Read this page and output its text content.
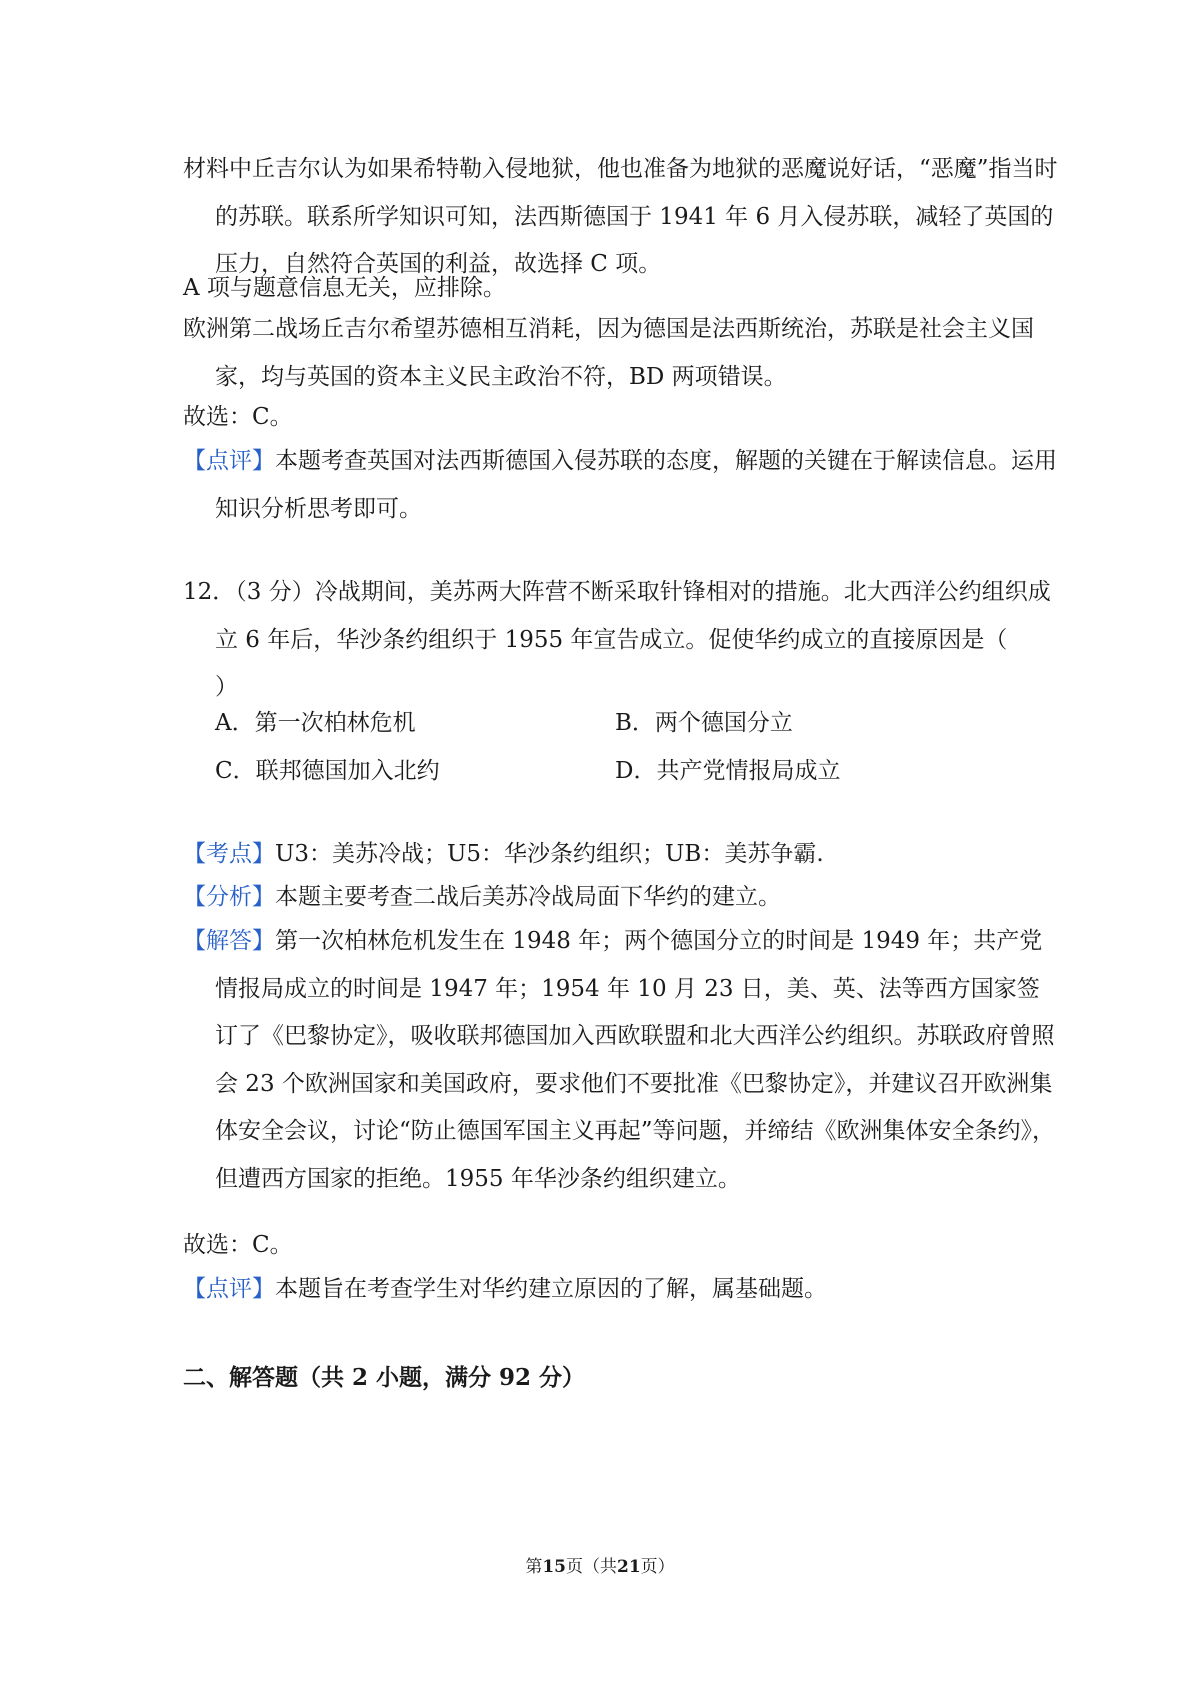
材料中丘吉尔认为如果希特勒入侵地狱，他也准备为地狱的恶魔说好话，“恶魔”指当时的苏联。联系所学知识可知，法西斯德国于 1941 年 6 月入侵苏联，减轻了英国的压力，自然符合英国的利益，故选择 C 项。
A 项与题意信息无关，应排除。
欧洲第二战场丘吉尔希望苏德相互消耗，因为德国是法西斯统治，苏联是社会主义国家，均与英国的资本主义民主政治不符，BD 两项错误。
故选：C。
【点评】本题考查英国对法西斯德国入侵苏联的态度，解题的关键在于解读信息。运用知识分析思考即可。
12．（3 分）冷战期间，美苏两大阵营不断采取针锋相对的措施。北大西洋公约组织成立 6 年后，华沙条约组织于 1955 年宣告成立。促使华约成立的直接原因是（　　）
A．第一次柏林危机	B．两个德国分立
C．联邦德国加入北约	D．共产党情报局成立
【考点】U3：美苏冷战；U5：华沙条约组织；UB：美苏争霸.
【分析】本题主要考查二战后美苏冷战局面下华约的建立。
【解答】第一次柏林危机发生在 1948 年；两个德国分立的时间是 1949 年；共产党情报局成立的时间是 1947 年；1954 年 10 月 23 日，美、英、法等西方国家签订了《巴黎协定》，吸收联邦德国加入西欧联盟和北大西洋公约组织。苏联政府曾照会 23 个欧洲国家和美国政府，要求他们不要批准《巴黎协定》，并建议召开欧洲集体安全会议，讨论“防止德国军国主义再起”等问题，并缔结《欧洲集体安全条约》，但遭西方国家的拒绝。1955 年华沙条约组织建立。
故选：C。
【点评】本题旨在考查学生对华约建立原因的了解，属基础题。
二、解答题（共 2 小题，满分 92 分）
第15页（共21页）
